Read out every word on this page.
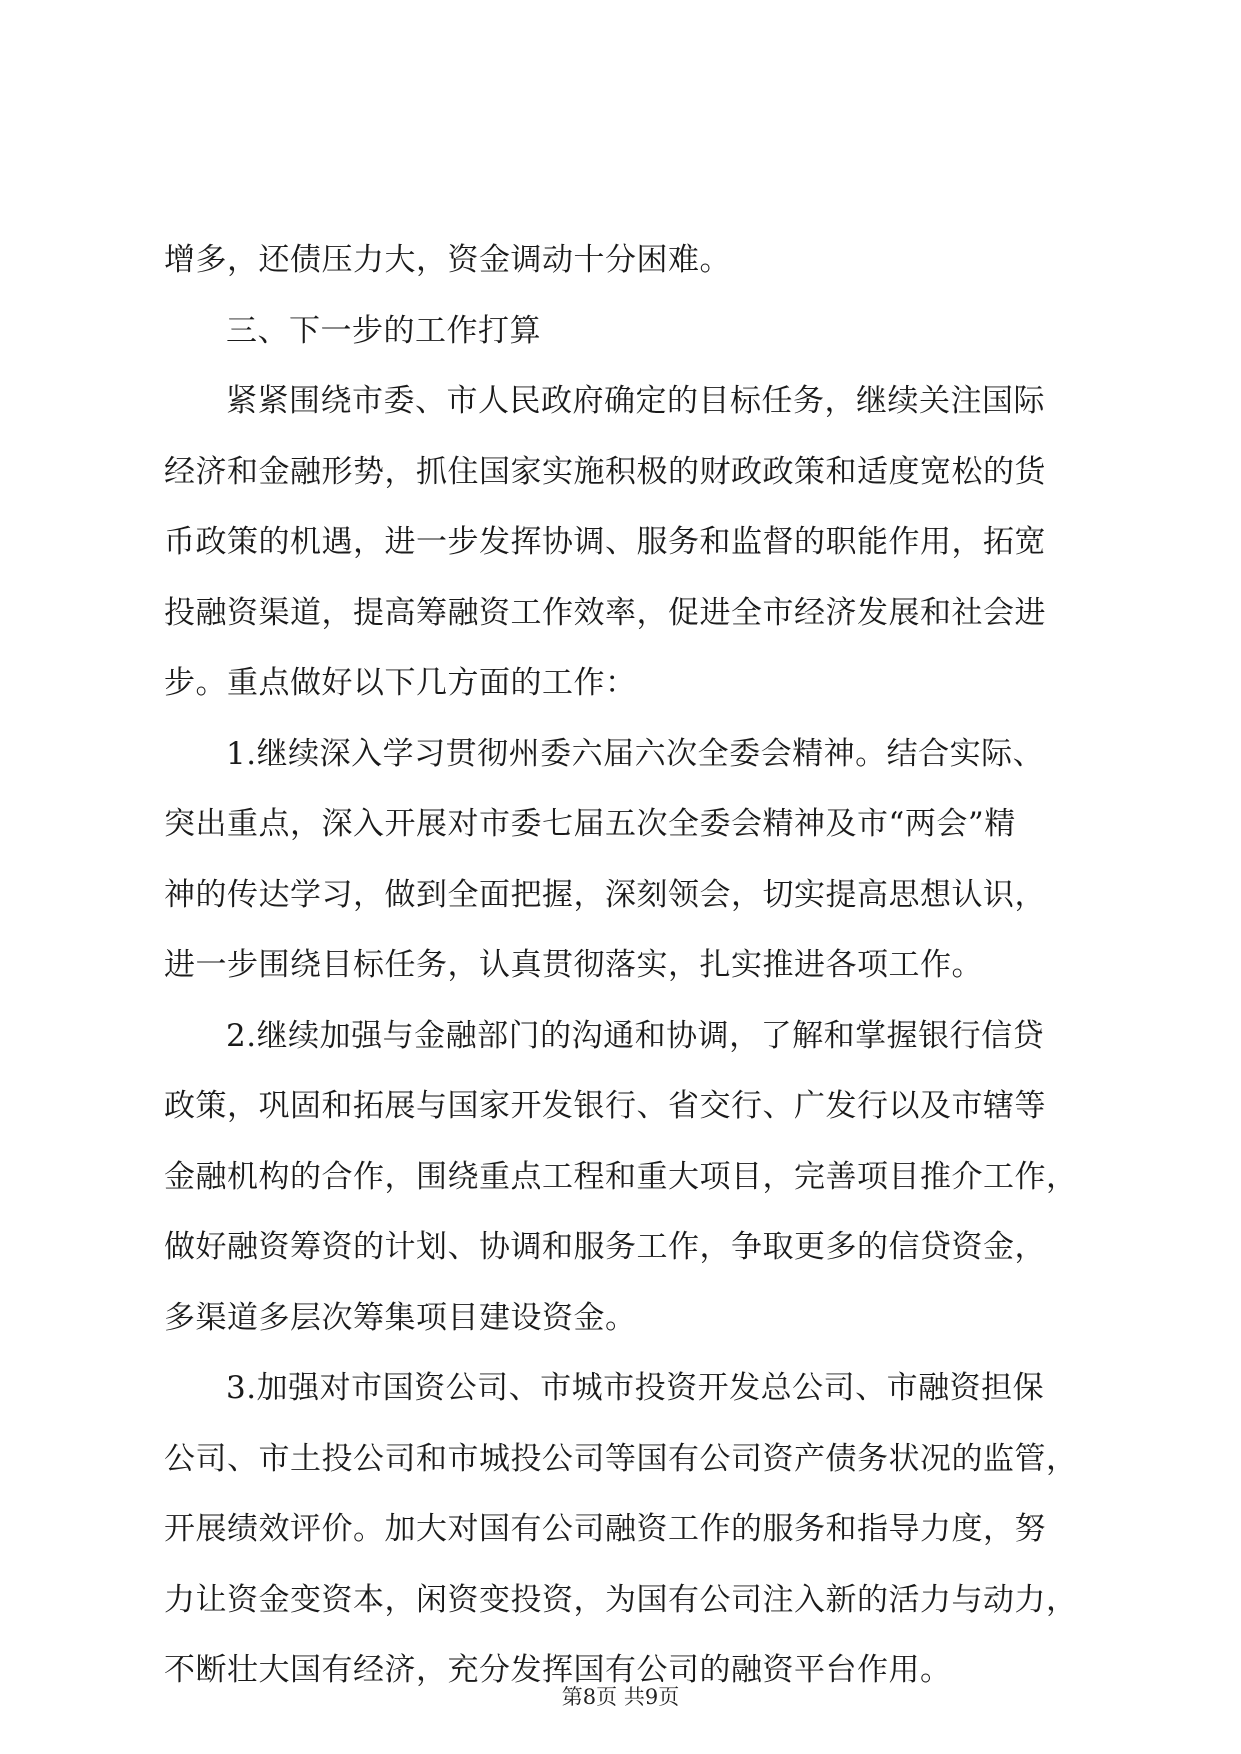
增多，还债压力大，资金调动十分困难。
三、下一步的工作打算
紧紧围绕市委、市人民政府确定的目标任务，继续关注国际
经济和金融形势，抓住国家实施积极的财政政策和适度宽松的货
币政策的机遇，进一步发挥协调、服务和监督的职能作用，拓宽
投融资渠道，提高筹融资工作效率，促进全市经济发展和社会进
步。重点做好以下几方面的工作：
1.继续深入学习贯彻州委六届六次全委会精神。结合实际、
突出重点，深入开展对市委七届五次全委会精神及市“两会”精
神的传达学习，做到全面把握，深刻领会，切实提高思想认识，
进一步围绕目标任务，认真贯彻落实，扎实推进各项工作。
2.继续加强与金融部门的沟通和协调，了解和掌握银行信贷
政策，巩固和拓展与国家开发银行、省交行、广发行以及市辖等
金融机构的合作，围绕重点工程和重大项目，完善项目推介工作，
做好融资筹资的计划、协调和服务工作，争取更多的信贷资金，
多渠道多层次筹集项目建设资金。
3.加强对市国资公司、市城市投资开发总公司、市融资担保
公司、市土投公司和市城投公司等国有公司资产债务状况的监管，
开展绩效评价。加大对国有公司融资工作的服务和指导力度，努
力让资金变资本，闲资变投资，为国有公司注入新的活力与动力，
不断壮大国有经济，充分发挥国有公司的融资平台作用。
第8页 共9页
